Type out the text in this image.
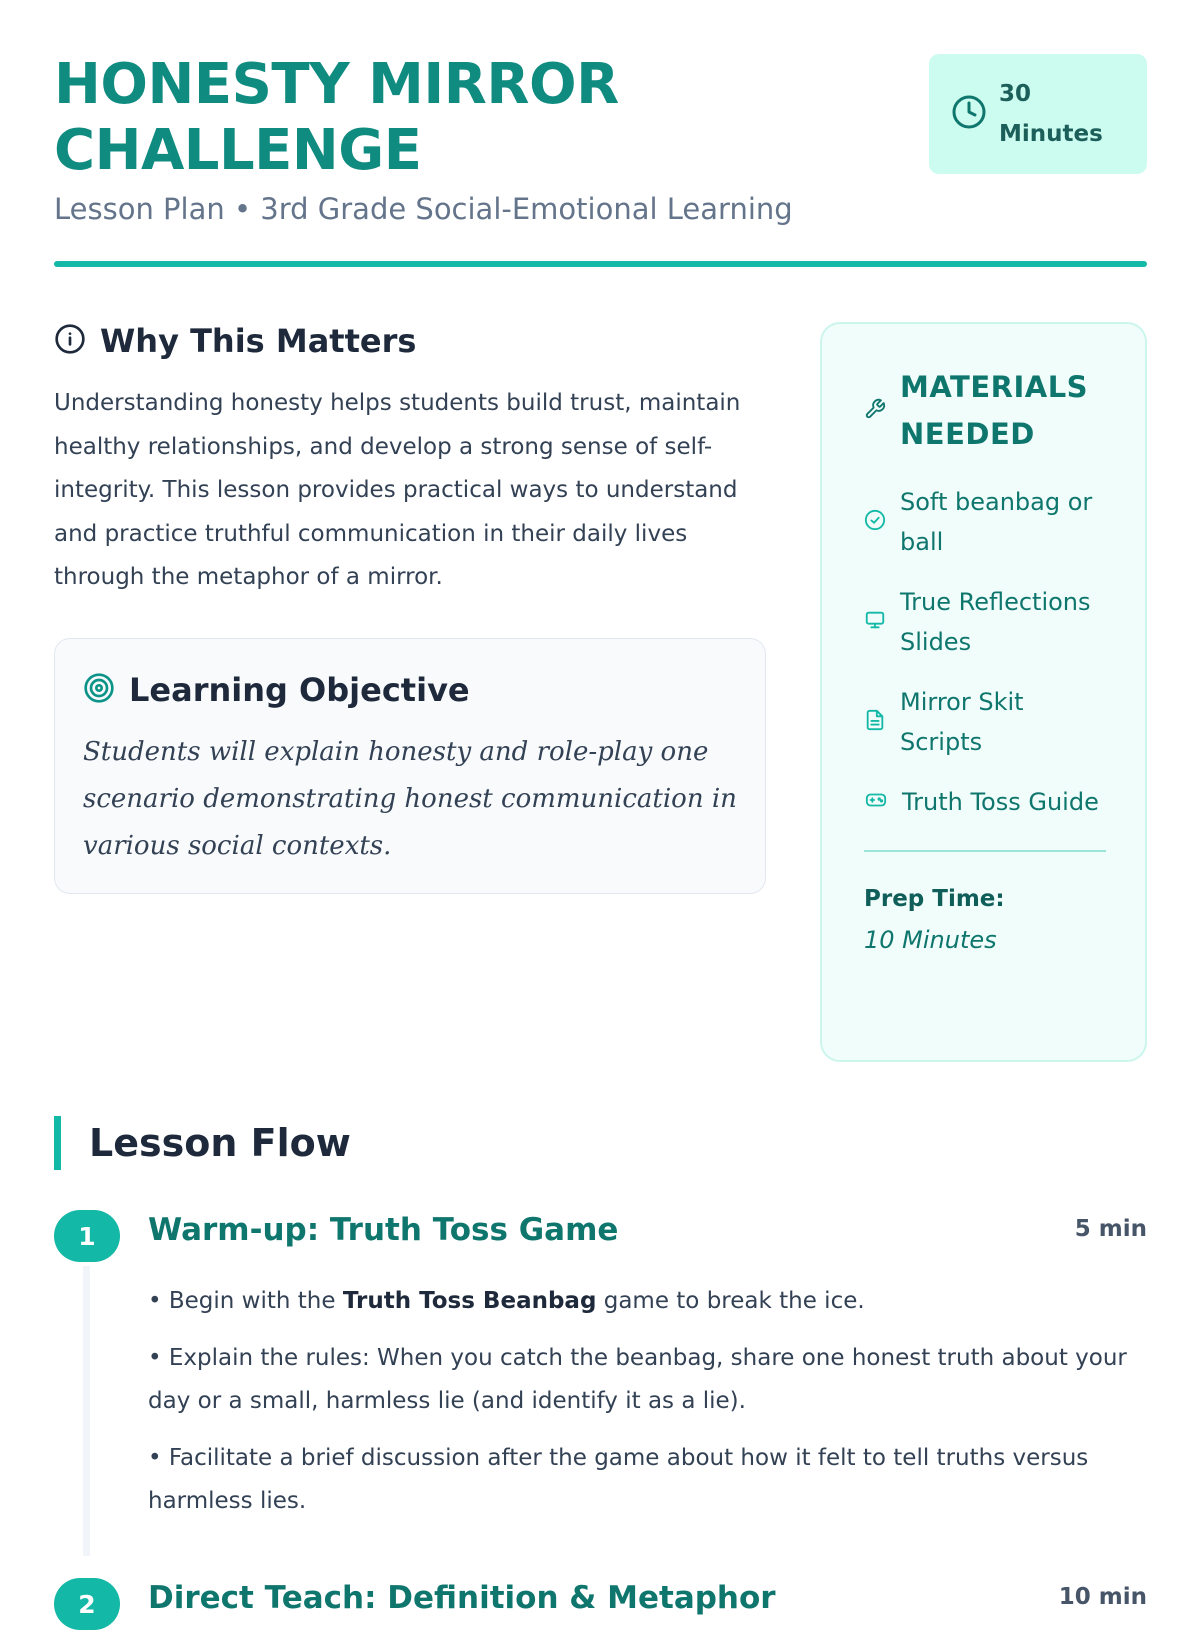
HONESTY MIRROR CHALLENGE
Lesson Plan • 3rd Grade Social-Emotional Learning
30
Minutes
Why This Matters

Understanding honesty helps students build trust, maintain healthy relationships, and develop a strong sense of self-integrity. This lesson provides practical ways to understand and practice truthful communication in their daily lives through the metaphor of a mirror.

Learning Objective

Students will explain honesty and role-play one scenario demonstrating honest communication in various social contexts.

MATERIALS NEEDED
Soft beanbag or ball
True Reflections Slides
Mirror Skit Scripts
Truth Toss Guide
Prep Time:
10 Minutes
Lesson Flow
1	Warm-up: Truth Toss Game	5 min

• Begin with the Truth Toss Beanbag game to break the ice.

• Explain the rules: When you catch the beanbag, share one honest truth about your day or a small, harmless lie (and identify it as a lie).

• Facilitate a brief discussion after the game about how it felt to tell truths versus harmless lies.

2	Direct Teach: Definition & Metaphor	10 min
